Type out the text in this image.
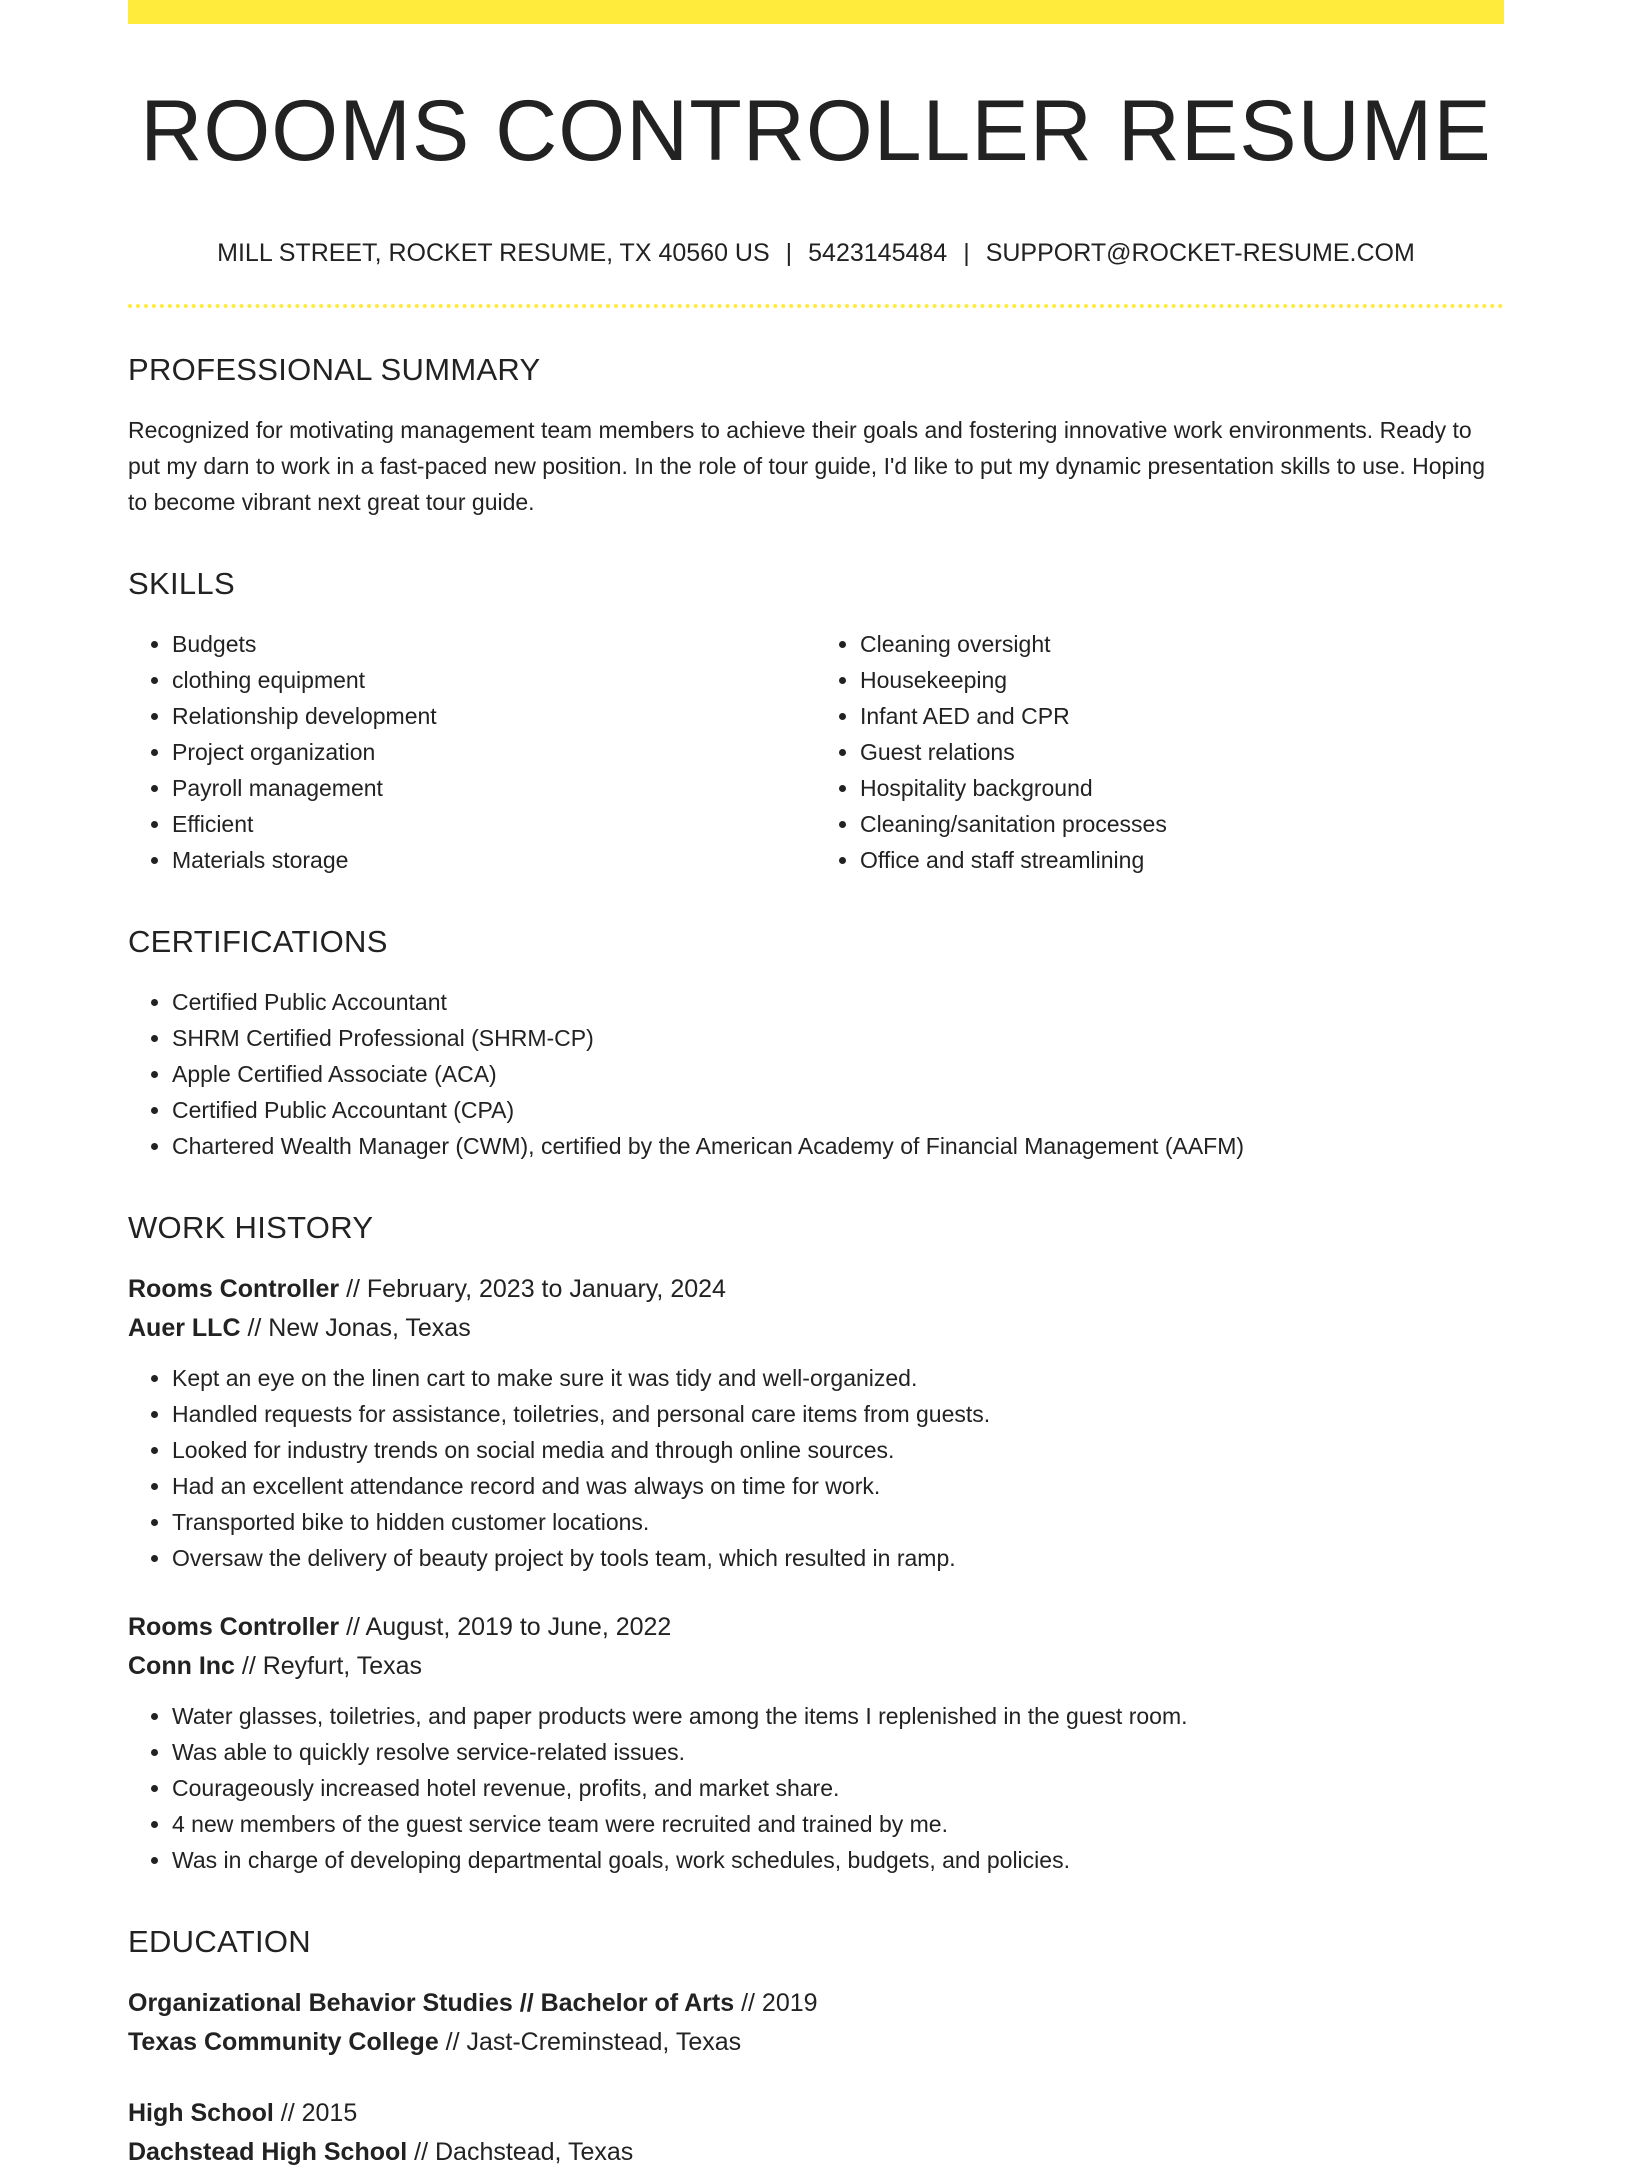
ROOMS CONTROLLER RESUME
MILL STREET, ROCKET RESUME, TX 40560 US | 5423145484 | SUPPORT@ROCKET-RESUME.COM
PROFESSIONAL SUMMARY

Recognized for motivating management team members to achieve their goals and fostering innovative work environments. Ready to put my darn to work in a fast-paced new position. In the role of tour guide, I'd like to put my dynamic presentation skills to use. Hoping to become vibrant next great tour guide.

SKILLS
• Budgets
• clothing equipment
• Relationship development
• Project organization
• Payroll management
• Efficient
• Materials storage
• Cleaning oversight
• Housekeeping
• Infant AED and CPR
• Guest relations
• Hospitality background
• Cleaning/sanitation processes
• Office and staff streamlining
CERTIFICATIONS
• Certified Public Accountant
• SHRM Certified Professional (SHRM-CP)
• Apple Certified Associate (ACA)
• Certified Public Accountant (CPA)
• Chartered Wealth Manager (CWM), certified by the American Academy of Financial Management (AAFM)
WORK HISTORY

Rooms Controller // February, 2023 to January, 2024

Auer LLC // New Jonas, Texas

• Kept an eye on the linen cart to make sure it was tidy and well-organized.
• Handled requests for assistance, toiletries, and personal care items from guests.
• Looked for industry trends on social media and through online sources.
• Had an excellent attendance record and was always on time for work.
• Transported bike to hidden customer locations.
• Oversaw the delivery of beauty project by tools team, which resulted in ramp.

Rooms Controller // August, 2019 to June, 2022

Conn Inc // Reyfurt, Texas

• Water glasses, toiletries, and paper products were among the items I replenished in the guest room.
• Was able to quickly resolve service-related issues.
• Courageously increased hotel revenue, profits, and market share.
• 4 new members of the guest service team were recruited and trained by me.
• Was in charge of developing departmental goals, work schedules, budgets, and policies.
EDUCATION

Organizational Behavior Studies // Bachelor of Arts // 2019

Texas Community College // Jast-Creminstead, Texas

High School // 2015

Dachstead High School // Dachstead, Texas
